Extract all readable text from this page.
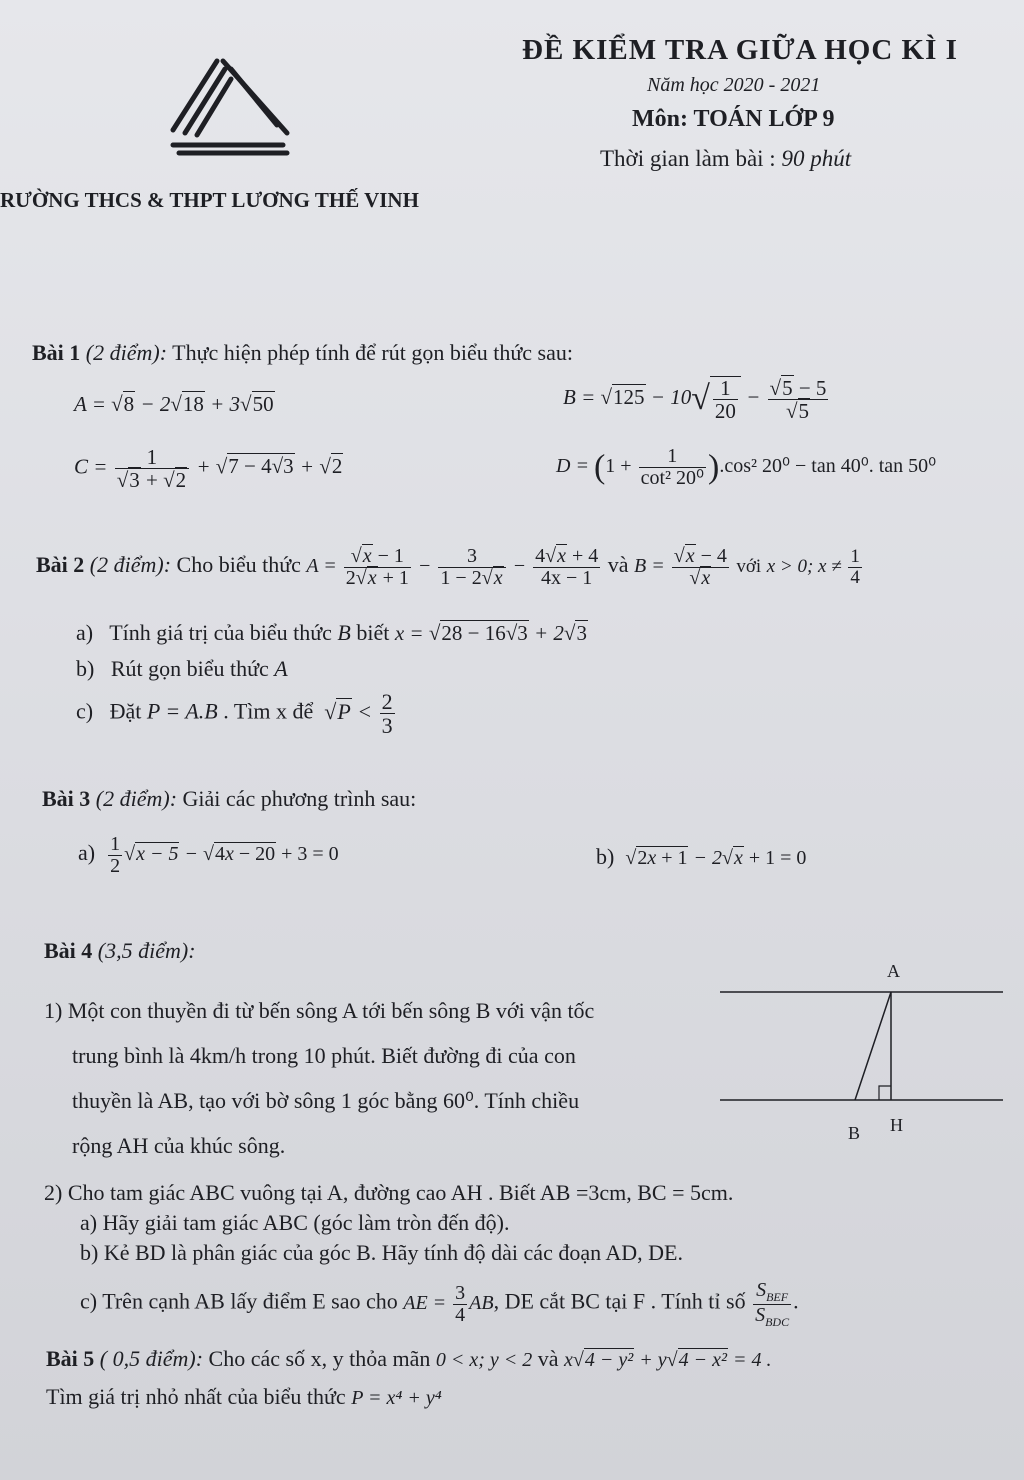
ĐỀ KIỂM TRA GIỮA HỌC KÌ I
Năm học 2020 - 2021
Môn: TOÁN LỚP 9
Thời gian làm bài : 90 phút
RƯỜNG THCS & THPT LƯƠNG THẾ VINH
Bài 1 (2 điểm): Thực hiện phép tính để rút gọn biểu thức sau:
A = √8 − 2√18 + 3√50	$B = √125 - 10√ \frac{1}{20} - \frac{√5 - 5}{√5}$
$C = \frac{1}{√3 + √2} + √7 - 4√3 + √2$	$D = (1 + \frac{1}{\text{cot² 20⁰}} ).\cos^2$ 20⁰ − tan 40⁰. tan 50⁰
Bài 2 (2 điểm): Cho biểu thức $A = \frac{√x - 1}{2√x + 1} - \frac{3}{1 - 2√x} - \frac{4√x + 4}{4x - 1}$ và $B = \frac{√x - 4}{√x}$ với x > 0; $x \ne \frac{1}{4}$
a) Tính giá trị của biểu thức B biết x = √28 − 16√3 + 2√3
b) Rút gọn biểu thức A
c) Đặt P = A.B . Tìm x để $√P < \frac{2}{3}$
Bài 3 (2 điểm): Giải các phương trình sau:
$a) \frac{1}{2} √x - 5 - √4x - 20 + 3 = 0$	b) √2x + 1 − 2√x + 1 = 0
Bài 4 (3,5 điểm):
1) Một con thuyền đi từ bến sông A tới bến sông B với vận tốc
trung bình là 4km/h trong 10 phút. Biết đường đi của con
thuyền là AB, tạo với bờ sông 1 góc bằng 60⁰. Tính chiều
rộng AH của khúc sông.
A
B H
2) Cho tam giác ABC vuông tại A, đường cao AH . Biết AB =3cm, BC = 5cm.
a) Hãy giải tam giác ABC (góc làm tròn đến độ).
b) Kẻ BD là phân giác của góc B. Hãy tính độ dài các đoạn AD, DE.
c) Trên cạnh AB lấy điểm E sao cho AE = $\frac{3}{4}$ AB, DE cắt BC tại F . Tính tỉ số $\frac{S_{BEF}}{S_{BDC}}$ .
Bài 5 ( 0,5 điểm): Cho các số x, y thỏa mãn 0 < x; y < 2 và x√4 − y² + y√4 − x² = 4 .
Tìm giá trị nhỏ nhất của biểu thức P = x⁴ + y⁴
